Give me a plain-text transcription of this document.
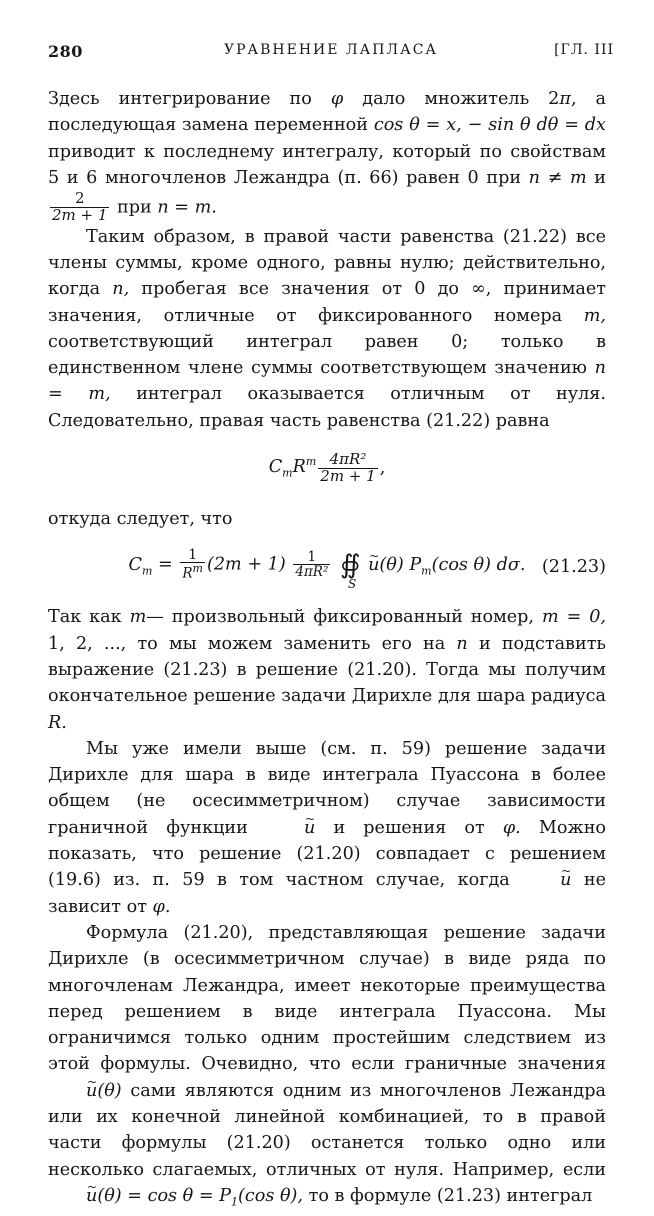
280	УРАВНЕНИЕ ЛАПЛАСА	[ГЛ. III

Здесь интегрирование по φ дало множитель 2π, а последующая замена переменной cos θ = x, − sin θ dθ = dx приводит к последнему интегралу, который по свойствам 5 и 6 многочленов Лежандра (п. 66) равен 0 при n ≠ m и
$\frac{2}{2m + 1}$ при n = m.

Таким образом, в правой части равенства (21.22) все члены суммы, кроме одного, равны нулю; действительно, когда n, пробегая все значения от 0 до ∞, принимает значения, отличные от фиксированного номера m, соответствующий интеграл равен 0; только в единственном члене суммы соответствующем значению n = m, интеграл оказывается отличным от нуля. Следовательно, правая часть равенства (21.22) равна

$C_mR^m \frac{\text{4πR²}}{2m + 1}$ ,

откуда следует, что

$C_m = \frac{1}{R^m} (2m + 1) \frac{1}{\text{4πR²}}$ ∯
S
~ u(θ) $P_m(\cos$ θ) dσ. (21.23)

Так как m— произвольный фиксированный номер, m = 0, 1, 2, ..., то мы можем заменить его на n и подставить выражение (21.23) в решение (21.20). Тогда мы получим окончательное решение задачи Дирихле для шара радиуса R.

Мы уже имели выше (см. п. 59) решение задачи Дирихле для шара в виде интеграла Пуассона в более общем (не осесимметричном) случае зависимости граничной функции	~ u и решения от φ. Можно показать, что решение (21.20) совпадает с решением (19.6) из. п. 59 в том частном случае, когда	~ u не зависит от φ.

Формула (21.20), представляющая решение задачи Дирихле (в осесимметричном случае) в виде ряда по многочленам Лежандра, имеет некоторые преимущества перед решением в виде интеграла Пуассона. Мы ограничимся только одним простейшим следствием из этой формулы. Очевидно, что если граничные значения ~ u(θ) сами являются одним из многочленов Лежандра или их конечной линейной комбинацией, то в правой части формулы (21.20) останется только одно или несколько слагаемых, отличных от нуля. Например, если ~ $u(\theta) = \cos \theta = P_1(\cos$ θ), то в формуле (21.23) интеграл
